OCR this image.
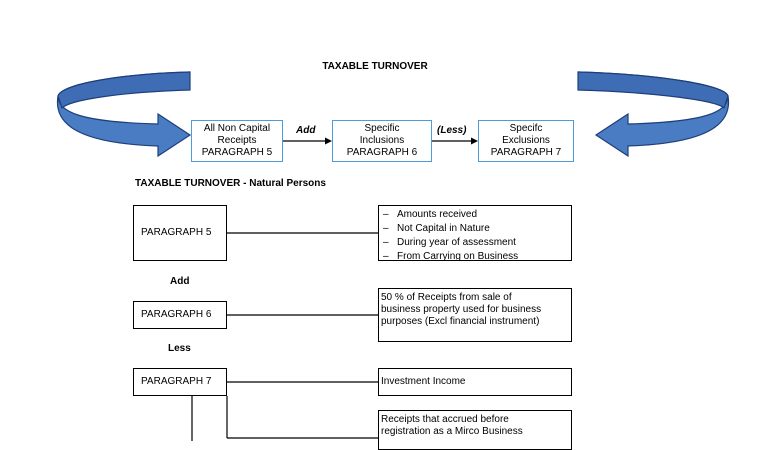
TAXABLE TURNOVER
All Non Capital
Receipts
PARAGRAPH 5
Add	Specific
Inclusions
PARAGRAPH 6
(Less)	Specifc
Exclusions
PARAGRAPH 7
TAXABLE TURNOVER - Natural Persons
PARAGRAPH 5
– Amounts received
– Not Capital in Nature
– During year of assessment
– From Carrying on Business
Add
PARAGRAPH 6
50 % of Receipts from sale of
business property used for business
purposes (Excl financial instrument)
Less
PARAGRAPH 7	Investment Income
Receipts that accrued before
registration as a Mirco Business
